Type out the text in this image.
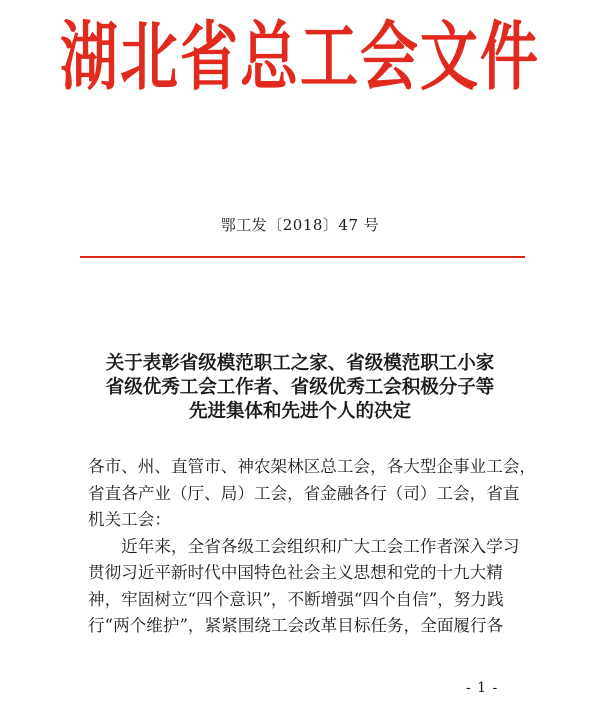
湖北省总工会文件
鄂工发〔2018〕47 号
关于表彰省级模范职工之家、省级模范职工小家
省级优秀工会工作者、省级优秀工会积极分子等
先进集体和先进个人的决定
各市、州、直管市、神农架林区总工会，各大型企事业工会，
省直各产业（厅、局）工会，省金融各行（司）工会，省直
机关工会：
　　近年来，全省各级工会组织和广大工会工作者深入学习
贯彻习近平新时代中国特色社会主义思想和党的十九大精
神，牢固树立“四个意识”，不断增强“四个自信”，努力践
行“两个维护”，紧紧围绕工会改革目标任务，全面履行各
- 1 -
